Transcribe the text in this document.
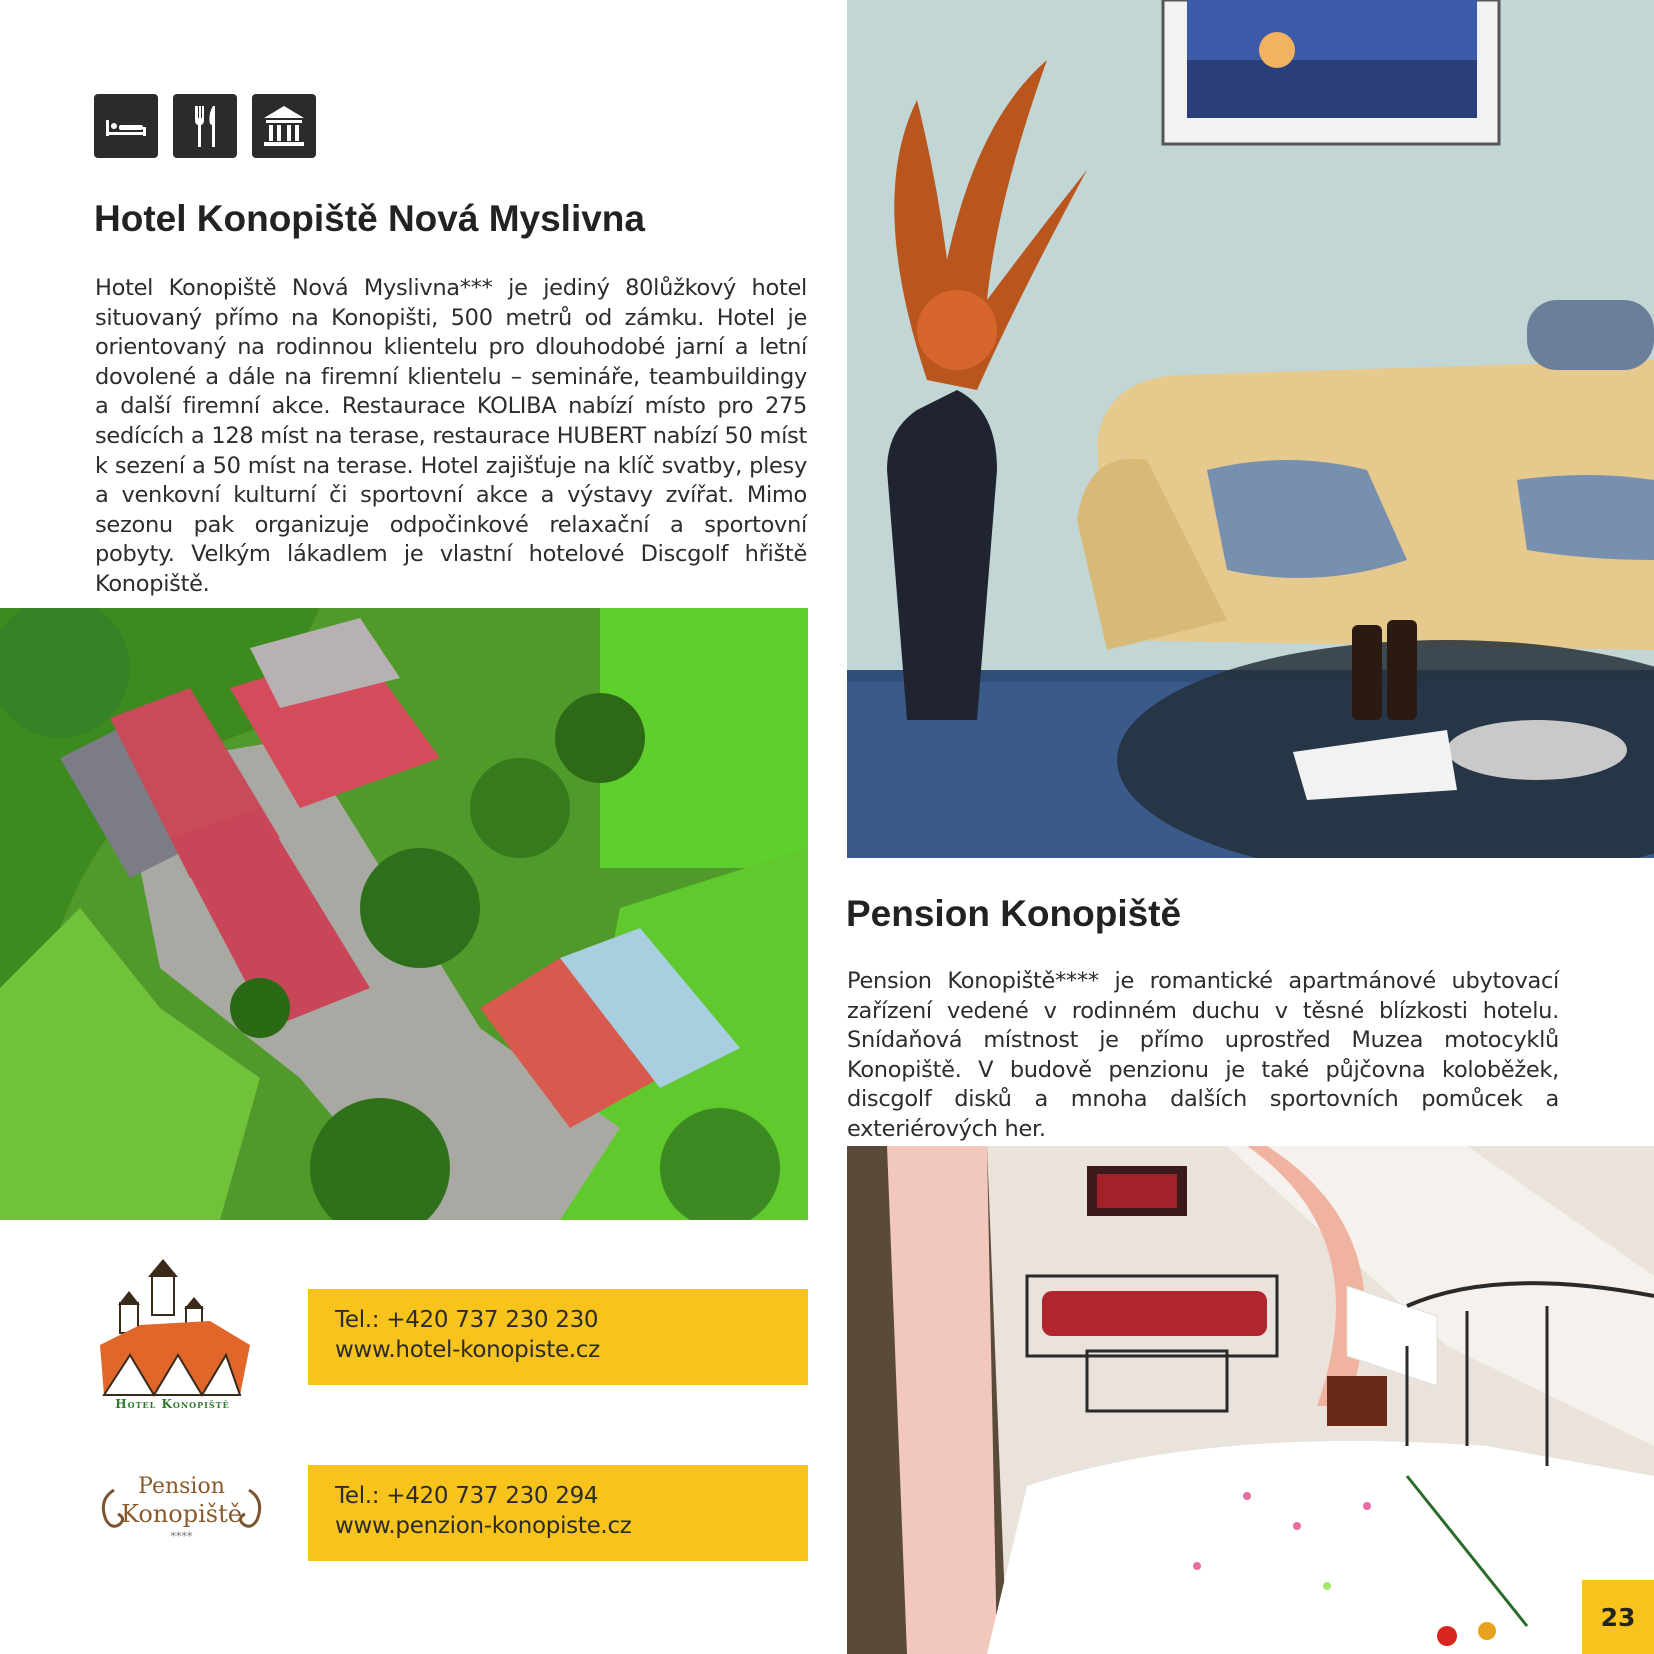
Hotel Konopiště Nová Myslivna

Hotel Konopiště Nová Myslivna*** je jediný 80lůžkový hotel situovaný přímo na Konopišti, 500 metrů od zámku. Hotel je orientovaný na rodinnou klientelu pro dlouhodobé jarní a letní dovolené a dále na firemní klientelu – semináře, teambuildingy a další firemní akce. Restaurace KOLIBA nabízí místo pro 275 sedících a 128 míst na terase, restaurace HUBERT nabízí 50 míst k sezení a 50 míst na terase. Hotel zajišťuje na klíč svatby, plesy a venkovní kulturní či sportovní akce a výstavy zvířat. Mimo sezonu pak organizuje odpočinkové relaxační a sportovní pobyty. Velkým lákadlem je vlastní hotelové Discgolf hřiště Konopiště.

Hotel Konopiště
Tel.: +420 737 230 230
www.hotel-konopiste.cz
Pension
Konopiště
****
Tel.: +420 737 230 294
www.penzion-konopiste.cz
Pension Konopiště

Pension Konopiště**** je romantické apartmánové ubytovací zařízení vedené v rodinném duchu v těsné blízkosti hotelu. Snídaňová místnost je přímo uprostřed Muzea motocyklů Konopiště. V budově penzionu je také půjčovna koloběžek, discgolf disků a mnoha dalších sportovních pomůcek a exteriérových her.

23
